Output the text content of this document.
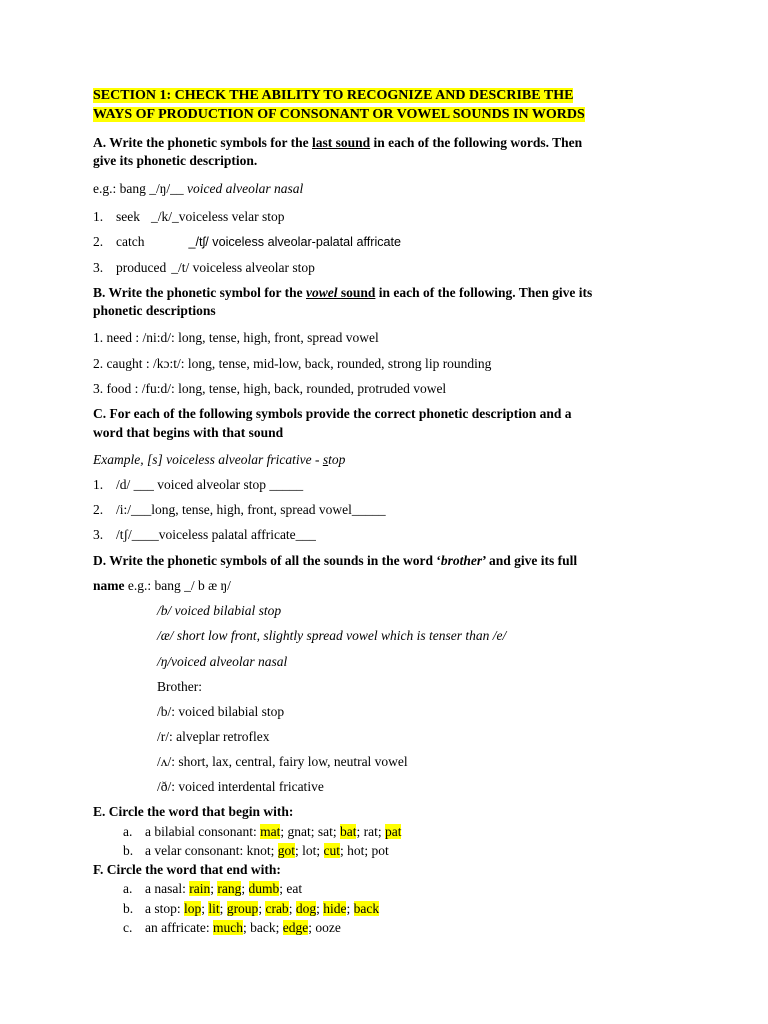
SECTION 1: CHECK THE ABILITY TO RECOGNIZE AND DESCRIBE THE
WAYS OF PRODUCTION OF CONSONANT OR VOWEL SOUNDS IN WORDS
A. Write the phonetic symbols for the last sound in each of the following words. Then
give its phonetic description.
e.g.: bang _/ŋ/__ voiced alveolar nasal
1. seek _/k/_voiceless velar stop
2. catch	_/tʃ/ voiceless alveolar-palatal affricate
3. produced _/t/ voiceless alveolar stop
B. Write the phonetic symbol for the vowel sound in each of the following. Then give its
phonetic descriptions
1. need : /ni:d/: long, tense, high, front, spread vowel
2. caught : /kɔ:t/: long, tense, mid-low, back, rounded, strong lip rounding
3. food : /fu:d/: long, tense, high, back, rounded, protruded vowel
C. For each of the following symbols provide the correct phonetic description and a
word that begins with that sound
Example, [s] voiceless alveolar fricative - stop
1. /d/ ___ voiced alveolar stop _____
2. /i:/___long, tense, high, front, spread vowel_____
3. /tʃ/____voiceless palatal affricate___
D. Write the phonetic symbols of all the sounds in the word ‘brother’ and give its full
name e.g.: bang _/ b æ ŋ/
/b/ voiced bilabial stop
/æ/ short low front, slightly spread vowel which is tenser than /e/
/ŋ/voiced alveolar nasal
Brother:
/b/: voiced bilabial stop
/r/: alveplar retroflex
/ʌ/: short, lax, central, fairy low, neutral vowel
/ð/: voiced interdental fricative
E. Circle the word that begin with:
a. a bilabial consonant: mat; gnat; sat; bat; rat; pat
b. a velar consonant: knot; got; lot; cut; hot; pot
F. Circle the word that end with:
a. a nasal: rain; rang; dumb; eat
b. a stop: lop; lit; group; crab; dog; hide; back
c. an affricate: much; back; edge; ooze
